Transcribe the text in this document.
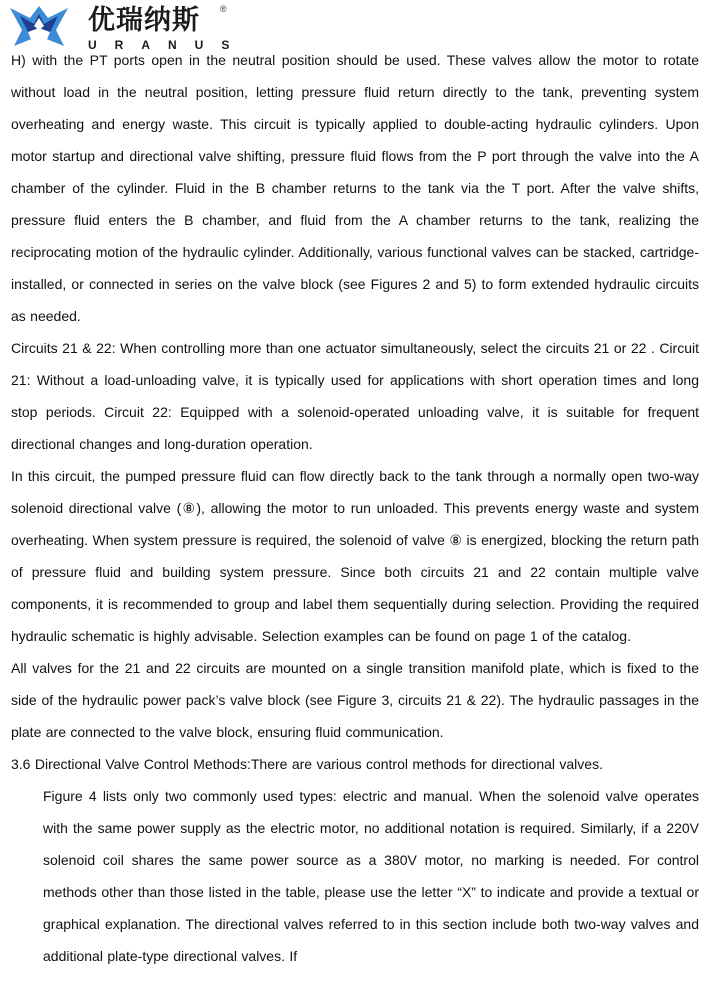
优瑞纳斯 ®
URANUS

H) with the PT ports open in the neutral position should be used. These valves allow the motor to rotate without load in the neutral position, letting pressure fluid return directly to the tank, preventing system overheating and energy waste. This circuit is typically applied to double-acting hydraulic cylinders. Upon motor startup and directional valve shifting, pressure fluid flows from the P port through the valve into the A chamber of the cylinder. Fluid in the B chamber returns to the tank via the T port. After the valve shifts, pressure fluid enters the B chamber, and fluid from the A chamber returns to the tank, realizing the reciprocating motion of the hydraulic cylinder. Additionally, various functional valves can be stacked, cartridge-installed, or connected in series on the valve block (see Figures 2 and 5) to form extended hydraulic circuits as needed.

Circuits 21 & 22: When controlling more than one actuator simultaneously, select the circuits 21 or 22 . Circuit 21: Without a load-unloading valve, it is typically used for applications with short operation times and long stop periods. Circuit 22: Equipped with a solenoid-operated unloading valve, it is suitable for frequent directional changes and long-duration operation.

In this circuit, the pumped pressure fluid can flow directly back to the tank through a normally open two-way solenoid directional valve (⑧), allowing the motor to run unloaded. This prevents energy waste and system overheating. When system pressure is required, the solenoid of valve ⑧ is energized, blocking the return path of pressure fluid and building system pressure. Since both circuits 21 and 22 contain multiple valve components, it is recommended to group and label them sequentially during selection. Providing the required hydraulic schematic is highly advisable. Selection examples can be found on page 1 of the catalog.

All valves for the 21 and 22 circuits are mounted on a single transition manifold plate, which is fixed to the side of the hydraulic power pack’s valve block (see Figure 3, circuits 21 & 22). The hydraulic passages in the plate are connected to the valve block, ensuring fluid communication.

3.6 Directional Valve Control Methods:There are various control methods for directional valves.

Figure 4 lists only two commonly used types: electric and manual. When the solenoid valve operates with the same power supply as the electric motor, no additional notation is required. Similarly, if a 220V solenoid coil shares the same power source as a 380V motor, no marking is needed. For control methods other than those listed in the table, please use the letter “X” to indicate and provide a textual or graphical explanation. The directional valves referred to in this section include both two-way valves and additional plate-type directional valves. If
